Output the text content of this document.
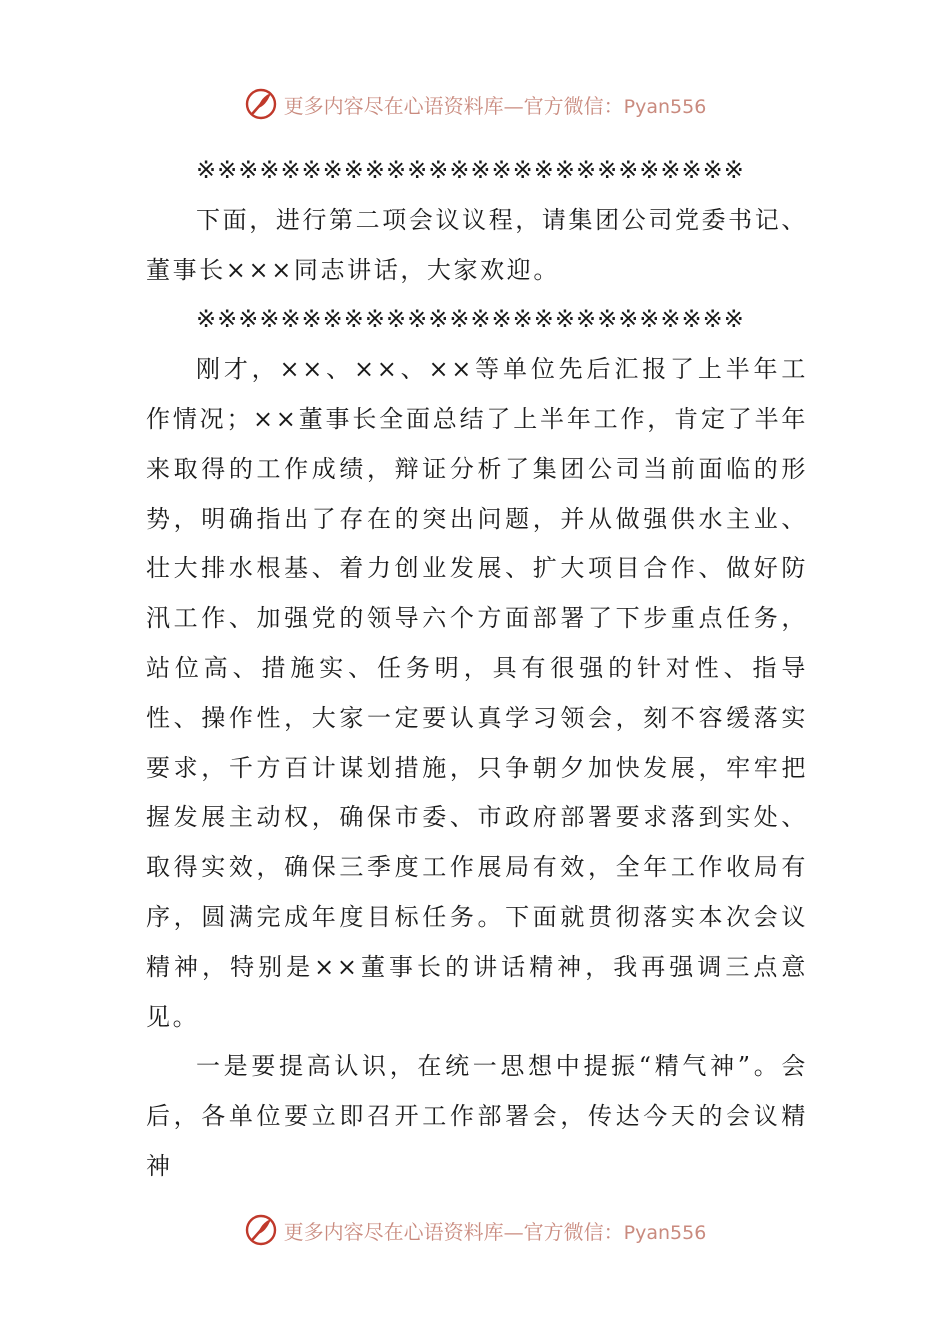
更多内容尽在心语资料库—官方微信：Pyan556

※※※※※※※※※※※※※※※※※※※※※※※※※※

下面，进行第二项会议议程，请集团公司党委书记、董事长×××同志讲话，大家欢迎。

※※※※※※※※※※※※※※※※※※※※※※※※※※

刚才，××、××、××等单位先后汇报了上半年工作情况；××董事长全面总结了上半年工作，肯定了半年来取得的工作成绩，辩证分析了集团公司当前面临的形势，明确指出了存在的突出问题，并从做强供水主业、壮大排水根基、着力创业发展、扩大项目合作、做好防汛工作、加强党的领导六个方面部署了下步重点任务，站位高、措施实、任务明，具有很强的针对性、指导性、操作性，大家一定要认真学习领会，刻不容缓落实要求，千方百计谋划措施，只争朝夕加快发展，牢牢把握发展主动权，确保市委、市政府部署要求落到实处、取得实效，确保三季度工作展局有效，全年工作收局有序，圆满完成年度目标任务。下面就贯彻落实本次会议精神，特别是××董事长的讲话精神，我再强调三点意见。

一是要提高认识，在统一思想中提振“精气神”。会后，各单位要立即召开工作部署会，传达今天的会议精神

更多内容尽在心语资料库—官方微信：Pyan556
